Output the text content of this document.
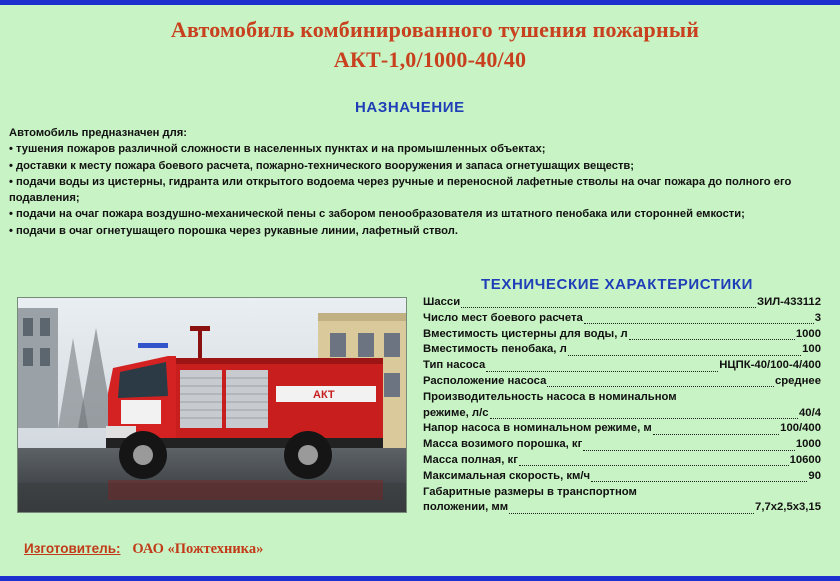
Автомобиль комбинированного тушения пожарный
АКТ-1,0/1000-40/40
НАЗНАЧЕНИЕ

Автомобиль предназначен для:

• тушения пожаров различной сложности в населенных пунктах и на промышленных объектах;

• доставки к месту пожара боевого расчета, пожарно-технического вооружения и запаса огнетушащих веществ;

• подачи воды из цистерны, гидранта или открытого водоема через ручные и переносной лафетные стволы на очаг пожара до полного его подавления;

• подачи на очаг пожара воздушно-механической пены с забором пенообразователя из штатного пенобака или сторонней емкости;

• подачи в очаг огнетушащего порошка через рукавные линии, лафетный ствол.

АКТ
ТЕХНИЧЕСКИЕ ХАРАКТЕРИСТИКИ
Шасси	ЗИЛ-433112
Число мест боевого расчета	3
Вместимость цистерны для воды, л	1000
Вместимость пенобака, л	100
Тип насоса	НЦПК-40/100-4/400
Расположение насоса	среднее
Производительность насоса в номинальном
режиме, л/с	40/4
Напор насоса в номинальном режиме, м	100/400
Масса возимого порошка, кг	1000
Масса полная, кг	10600
Максимальная скорость, км/ч	90
Габаритные размеры в транспортном
положении, мм	7,7х2,5х3,15
Изготовитель: ОАО «Пожтехника»
